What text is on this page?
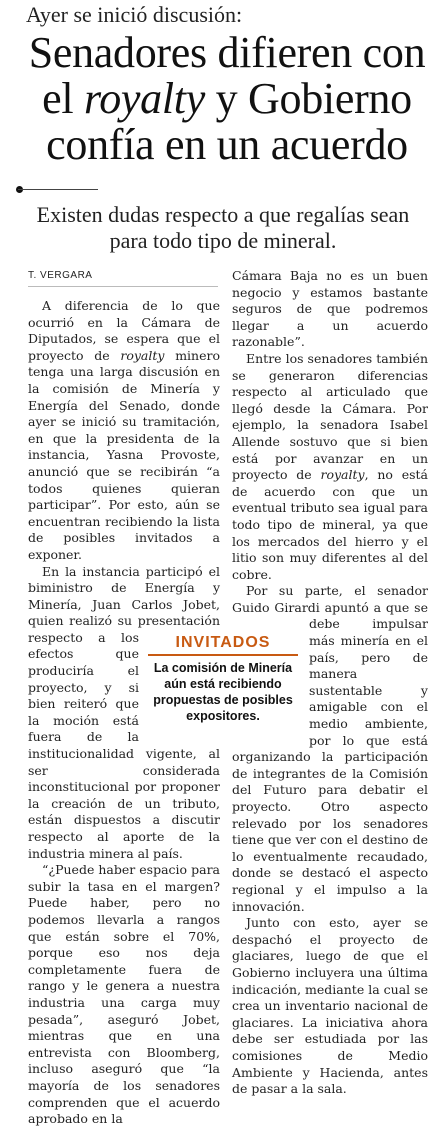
Ayer se inició discusión:
Senadores difieren con el royalty y Gobierno confía en un acuerdo
Existen dudas respecto a que regalías sean para todo tipo de mineral.
T. VERGARA

A diferencia de lo que ocurrió en la Cámara de Diputados, se espera que el proyecto de royalty minero tenga una larga discusión en la comisión de Minería y Energía del Senado, donde ayer se inició su tramitación, en que la presidenta de la instancia, Yasna Provoste, anunció que se recibirán “a todos quienes quieran participar”. Por esto, aún se encuentran recibiendo la lista de posibles invitados a exponer.

En la instancia participó el biministro de Energía y Minería, Juan Carlos Jobet, quien realizó su presentación respecto a los efectos que produciría el proyecto, y si bien reiteró que la moción está fuera de la institucionalidad vigente, al ser considerada inconstitucional por proponer la creación de un tributo, están dispuestos a discutir respecto al aporte de la industria minera al país.

“¿Puede haber espacio para subir la tasa en el margen? Puede haber, pero no podemos llevarla a rangos que están sobre el 70%, porque eso nos deja completamente fuera de rango y le genera a nuestra industria una carga muy pesada”, aseguró Jobet, mientras que en una entrevista con Bloomberg, incluso aseguró que “la mayoría de los senadores comprenden que el acuerdo aprobado en la

Cámara Baja no es un buen negocio y estamos bastante seguros de que podremos llegar a un acuerdo razonable”.

Entre los senadores también se generaron diferencias respecto al articulado que llegó desde la Cámara. Por ejemplo, la senadora Isabel Allende sostuvo que si bien está por avanzar en un proyecto de royalty, no está de acuerdo con que un eventual tributo sea igual para todo tipo de mineral, ya que los mercados del hierro y el litio son muy diferentes al del cobre.

Por su parte, el senador Guido Girardi apuntó a que se debe impulsar más minería en el país, pero de manera sustentable y amigable con el medio ambiente, por lo que está organizando la participación de integrantes de la Comisión del Futuro para debatir el proyecto. Otro aspecto relevado por los senadores tiene que ver con el destino de lo eventualmente recaudado, donde se destacó el aspecto regional y el impulso a la innovación.

Junto con esto, ayer se despachó el proyecto de glaciares, luego de que el Gobierno incluyera una última indicación, mediante la cual se crea un inventario nacional de glaciares. La iniciativa ahora debe ser estudiada por las comisiones de Medio Ambiente y Hacienda, antes de pasar a la sala.

INVITADOS
La comisión de Minería aún está recibiendo propuestas de posibles expositores.
